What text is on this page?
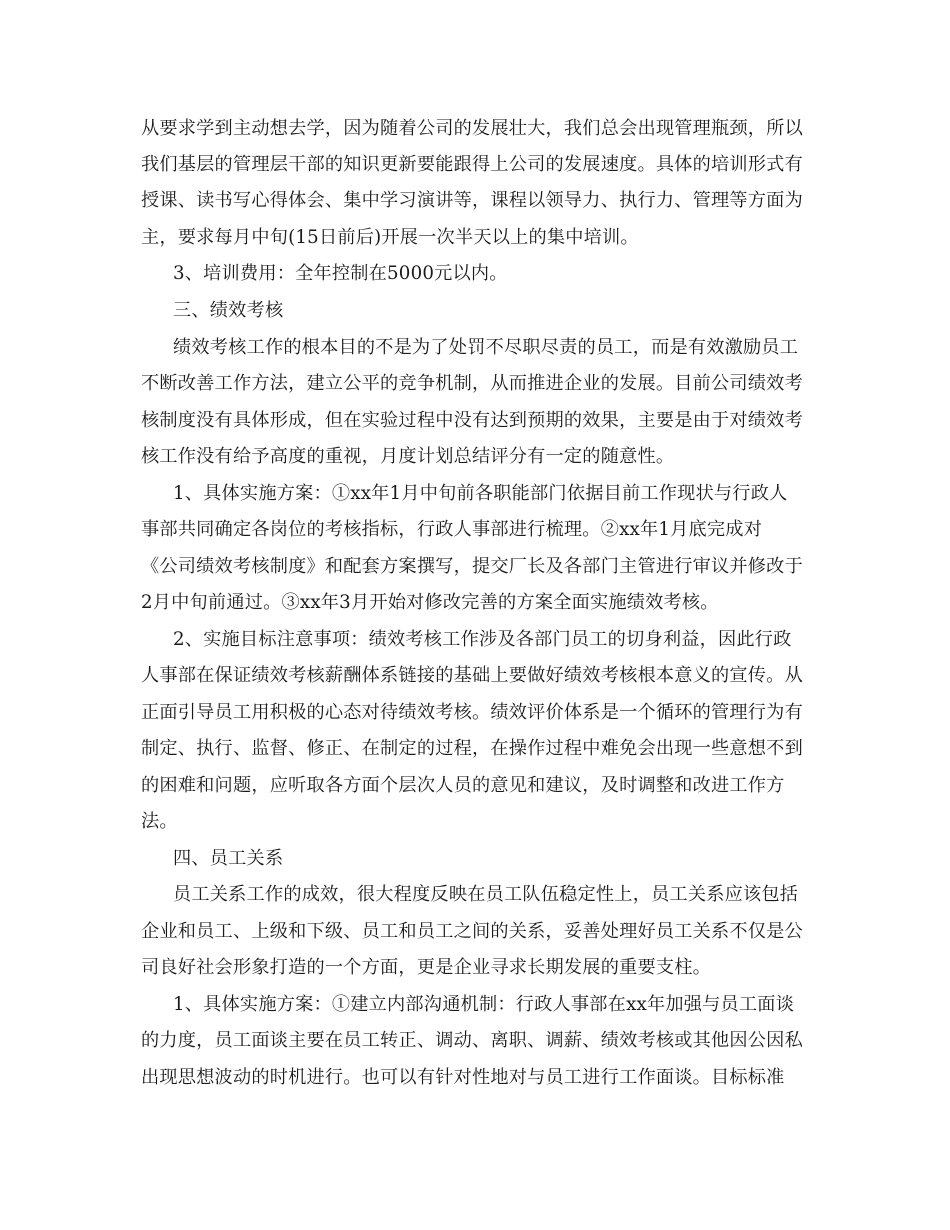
从要求学到主动想去学，因为随着公司的发展壮大，我们总会出现管理瓶颈，所以
我们基层的管理层干部的知识更新要能跟得上公司的发展速度。具体的培训形式有
授课、读书写心得体会、集中学习演讲等，课程以领导力、执行力、管理等方面为
主，要求每月中旬(15日前后)开展一次半天以上的集中培训。
3、培训费用：全年控制在5000元以内。
三、绩效考核
绩效考核工作的根本目的不是为了处罚不尽职尽责的员工，而是有效激励员工
不断改善工作方法，建立公平的竞争机制，从而推进企业的发展。目前公司绩效考
核制度没有具体形成，但在实验过程中没有达到预期的效果，主要是由于对绩效考
核工作没有给予高度的重视，月度计划总结评分有一定的随意性。
1、具体实施方案：①xx年1月中旬前各职能部门依据目前工作现状与行政人
事部共同确定各岗位的考核指标，行政人事部进行梳理。②xx年1月底完成对
《公司绩效考核制度》和配套方案撰写，提交厂长及各部门主管进行审议并修改于
2月中旬前通过。③xx年3月开始对修改完善的方案全面实施绩效考核。
2、实施目标注意事项：绩效考核工作涉及各部门员工的切身利益，因此行政
人事部在保证绩效考核薪酬体系链接的基础上要做好绩效考核根本意义的宣传。从
正面引导员工用积极的心态对待绩效考核。绩效评价体系是一个循环的管理行为有
制定、执行、监督、修正、在制定的过程，在操作过程中难免会出现一些意想不到
的困难和问题，应听取各方面个层次人员的意见和建议，及时调整和改进工作方
法。
四、员工关系
员工关系工作的成效，很大程度反映在员工队伍稳定性上，员工关系应该包括
企业和员工、上级和下级、员工和员工之间的关系，妥善处理好员工关系不仅是公
司良好社会形象打造的一个方面，更是企业寻求长期发展的重要支柱。
1、具体实施方案：①建立内部沟通机制：行政人事部在xx年加强与员工面谈
的力度，员工面谈主要在员工转正、调动、离职、调薪、绩效考核或其他因公因私
出现思想波动的时机进行。也可以有针对性地对与员工进行工作面谈。目标标准
